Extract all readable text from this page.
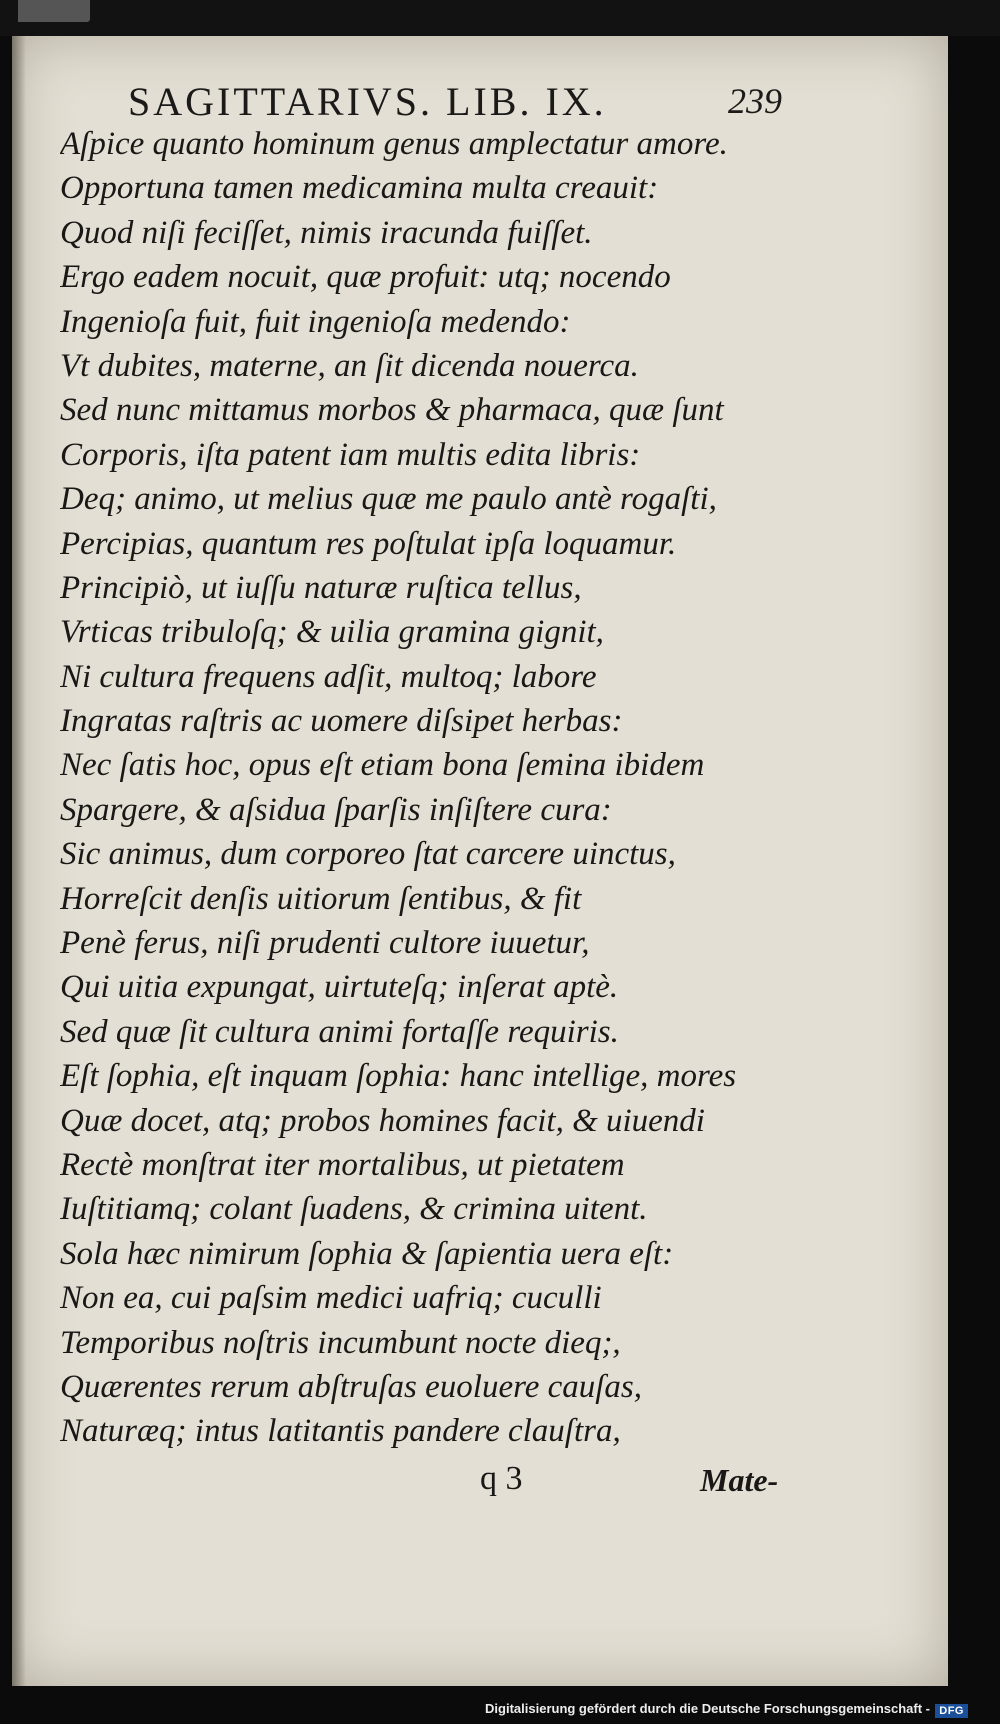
SAGITTARIVS. LIB. IX.	239
Aſpice quanto hominum genus amplectatur amore.
Opportuna tamen medicamina multa creauit:
Quod niſi feciſſet, nimis iracunda fuiſſet.
Ergo eadem nocuit, quæ profuit: utq; nocendo
Ingenioſa fuit, fuit ingenioſa medendo:
Vt dubites, materne, an ſit dicenda nouerca.
Sed nunc mittamus morbos & pharmaca, quæ ſunt
Corporis, iſta patent iam multis edita libris:
Deq; animo, ut melius quæ me paulo antè rogaſti,
Percipias, quantum res poſtulat ipſa loquamur.
Principiò, ut iuſſu naturæ ruſtica tellus,
Vrticas tribuloſq; & uilia gramina gignit,
Ni cultura frequens adſit, multoq; labore
Ingratas raſtris ac uomere diſsipet herbas:
Nec ſatis hoc, opus eſt etiam bona ſemina ibidem
Spargere, & aſsidua ſparſis inſiſtere cura:
Sic animus, dum corporeo ſtat carcere uinctus,
Horreſcit denſis uitiorum ſentibus, & fit
Penè ferus, niſi prudenti cultore iuuetur,
Qui uitia expungat, uirtuteſq; inſerat aptè.
Sed quæ ſit cultura animi fortaſſe requiris.
Eſt ſophia, eſt inquam ſophia: hanc intellige, mores
Quæ docet, atq; probos homines facit, & uiuendi
Rectè monſtrat iter mortalibus, ut pietatem
Iuſtitiamq; colant ſuadens, & crimina uitent.
Sola hæc nimirum ſophia & ſapientia uera eſt:
Non ea, cui paſsim medici uafriq; cuculli
Temporibus noſtris incumbunt nocte dieq;,
Quærentes rerum abſtruſas euoluere cauſas,
Naturæq; intus latitantis pandere clauſtra,
q 3	Mate-
Digitalisierung gefördert durch die Deutsche Forschungsgemeinschaft - DFG
